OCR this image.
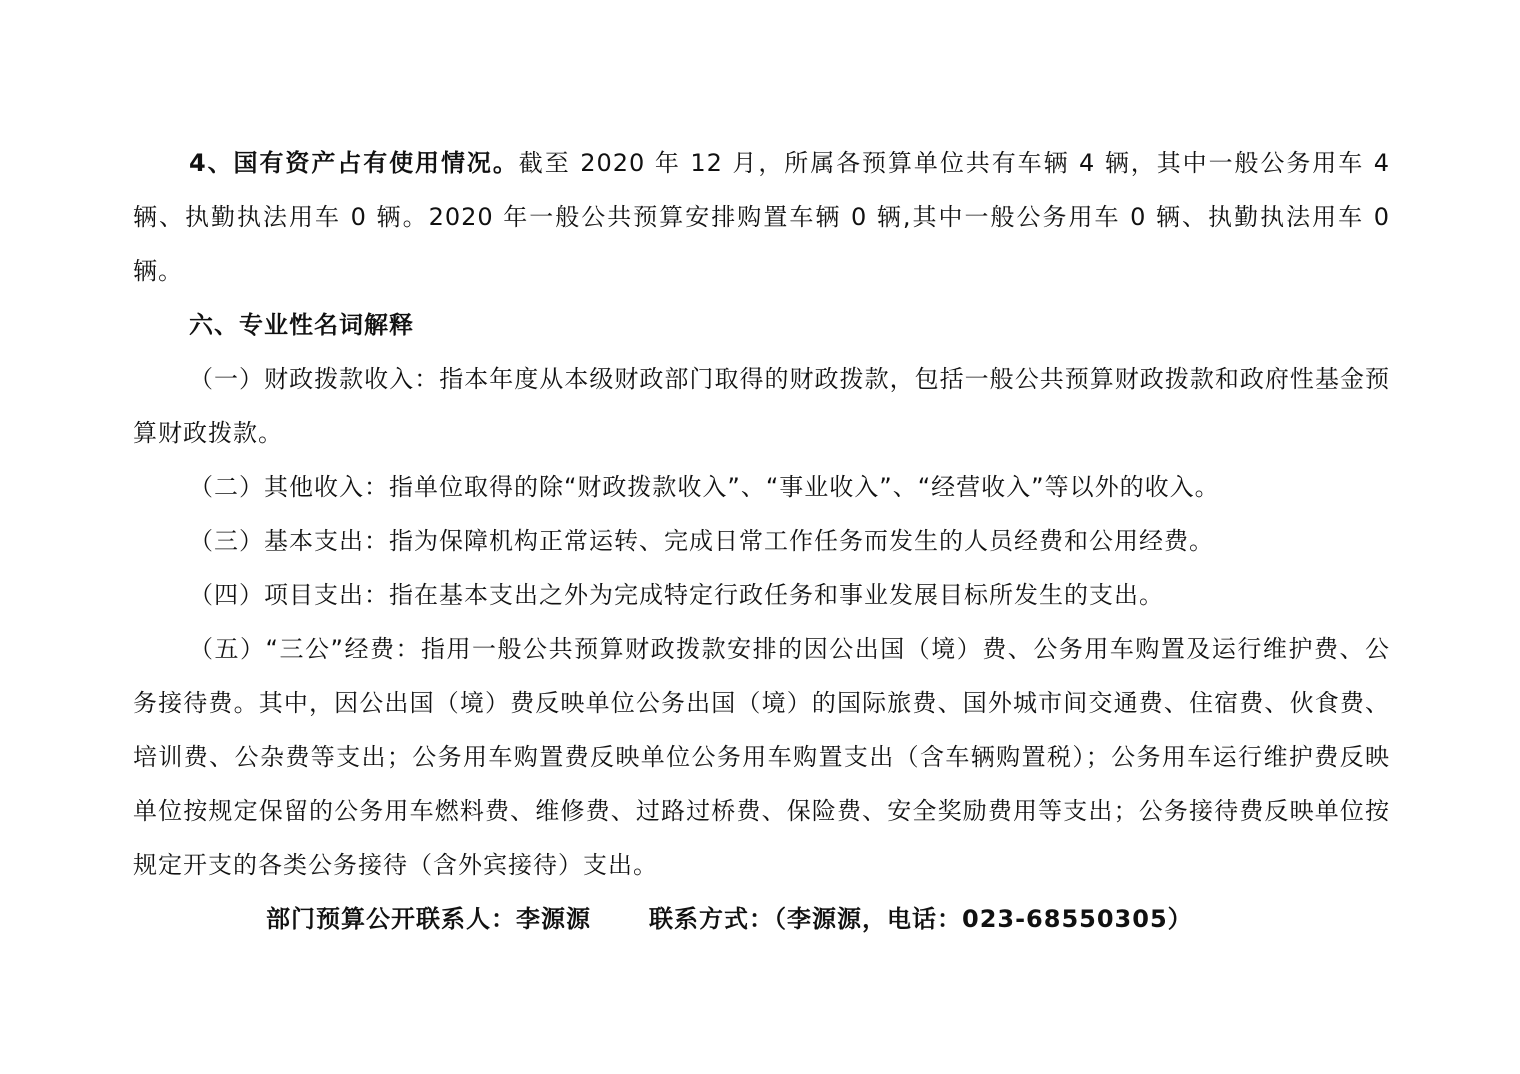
4、国有资产占有使用情况。截至 2020 年 12 月，所属各预算单位共有车辆 4 辆，其中一般公务用车 4 辆、执勤执法用车 0 辆。2020 年一般公共预算安排购置车辆 0 辆,其中一般公务用车 0 辆、执勤执法用车 0 辆。

六、专业性名词解释

（一）财政拨款收入：指本年度从本级财政部门取得的财政拨款，包括一般公共预算财政拨款和政府性基金预算财政拨款。

（二）其他收入：指单位取得的除“财政拨款收入”、“事业收入”、“经营收入”等以外的收入。

（三）基本支出：指为保障机构正常运转、完成日常工作任务而发生的人员经费和公用经费。

（四）项目支出：指在基本支出之外为完成特定行政任务和事业发展目标所发生的支出。

（五）“三公”经费：指用一般公共预算财政拨款安排的因公出国（境）费、公务用车购置及运行维护费、公务接待费。其中，因公出国（境）费反映单位公务出国（境）的国际旅费、国外城市间交通费、住宿费、伙食费、培训费、公杂费等支出；公务用车购置费反映单位公务用车购置支出（含车辆购置税）；公务用车运行维护费反映单位按规定保留的公务用车燃料费、维修费、过路过桥费、保险费、安全奖励费用等支出；公务接待费反映单位按规定开支的各类公务接待（含外宾接待）支出。

部门预算公开联系人：李源源 联系方式：（李源源，电话：023-68550305）
